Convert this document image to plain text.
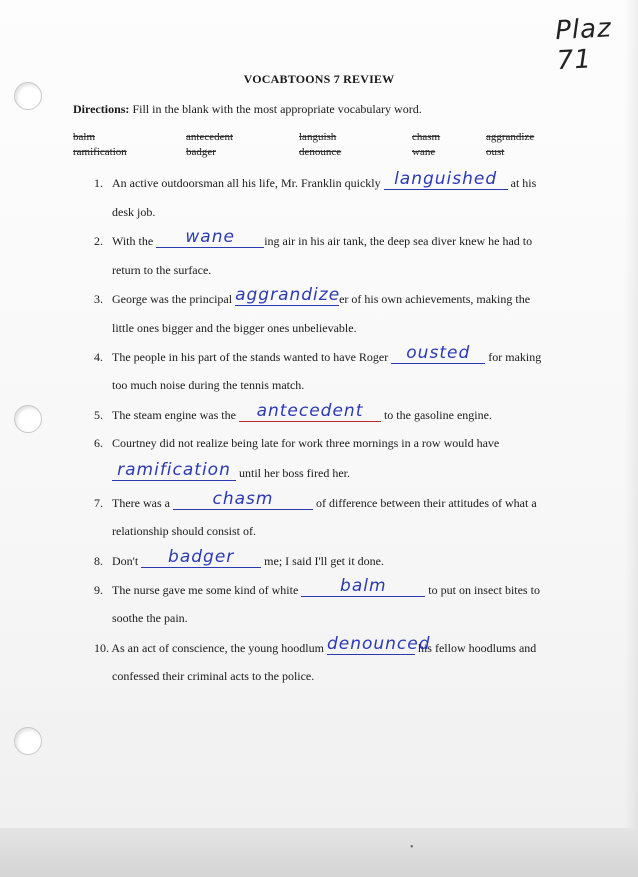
Plaz 71
VOCABTOONS 7 REVIEW
Directions: Fill in the blank with the most appropriate vocabulary word.
balm	antecedent	languish	chasm	aggrandize
ramification	badger	denounce	wane	oust
1. An active outdoorsman all his life, Mr. Franklin quickly languished	at his
desk job.
2. With the	wane	ing air in his air tank, the deep sea diver knew he had to
return to the surface.
3. George was the principal aggrandize
er of his own achievements, making the
little ones bigger and the bigger ones unbelievable.
4. The people in his part of the stands wanted to have Roger	ousted	for making
too much noise during the tennis match.
5. The steam engine was the	antecedent	to the gasoline engine.
6. Courtney did not realize being late for work three mornings in a row would have
ramification until her boss fired her.
7. There was a	chasm	of difference between their attitudes of what a
relationship should consist of.
8. Don't	badger	me; I said I'll get it done.
9. The nurse gave me some kind of white	balm	to put on insect bites to
soothe the pain.
10. As an act of conscience, the young hoodlum denounced
his fellow hoodlums and
confessed their criminal acts to the police.
•
